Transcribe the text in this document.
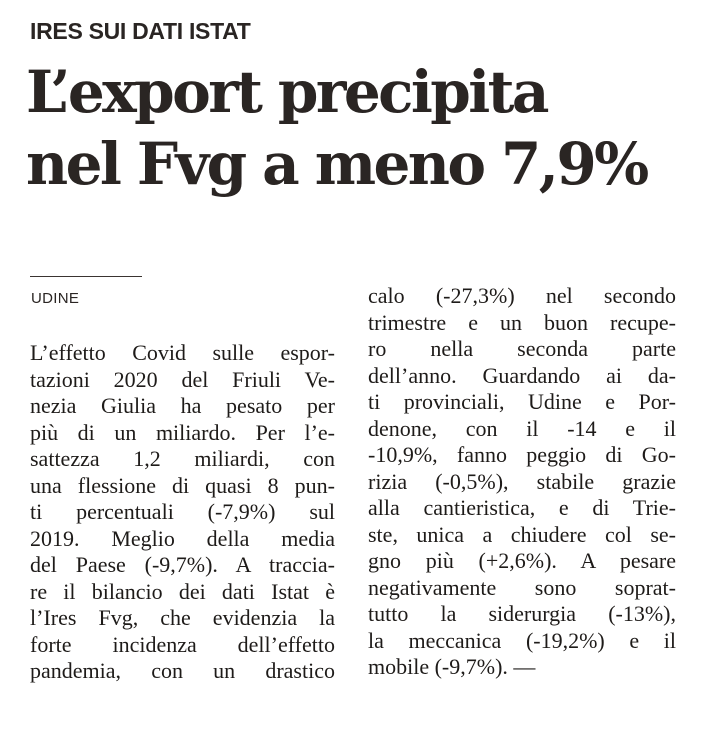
IRES SUI DATI ISTAT
L’export precipita
nel Fvg a meno 7,9%
UDINE
L’effetto Covid sulle espor-
tazioni 2020 del Friuli Ve-
nezia Giulia ha pesato per
più di un miliardo. Per l’e-
sattezza 1,2 miliardi, con
una flessione di quasi 8 pun-
ti percentuali (-7,9%) sul
2019. Meglio della media
del Paese (-9,7%). A traccia-
re il bilancio dei dati Istat è
l’Ires Fvg, che evidenzia la
forte incidenza dell’effetto
pandemia, con un drastico
calo (-27,3%) nel secondo
trimestre e un buon recupe-
ro nella seconda parte
dell’anno. Guardando ai da-
ti provinciali, Udine e Por-
denone, con il -14 e il
-10,9%, fanno peggio di Go-
rizia (-0,5%), stabile grazie
alla cantieristica, e di Trie-
ste, unica a chiudere col se-
gno più (+2,6%). A pesare
negativamente sono soprat-
tutto la siderurgia (-13%),
la meccanica (-19,2%) e il
mobile (-9,7%). —
